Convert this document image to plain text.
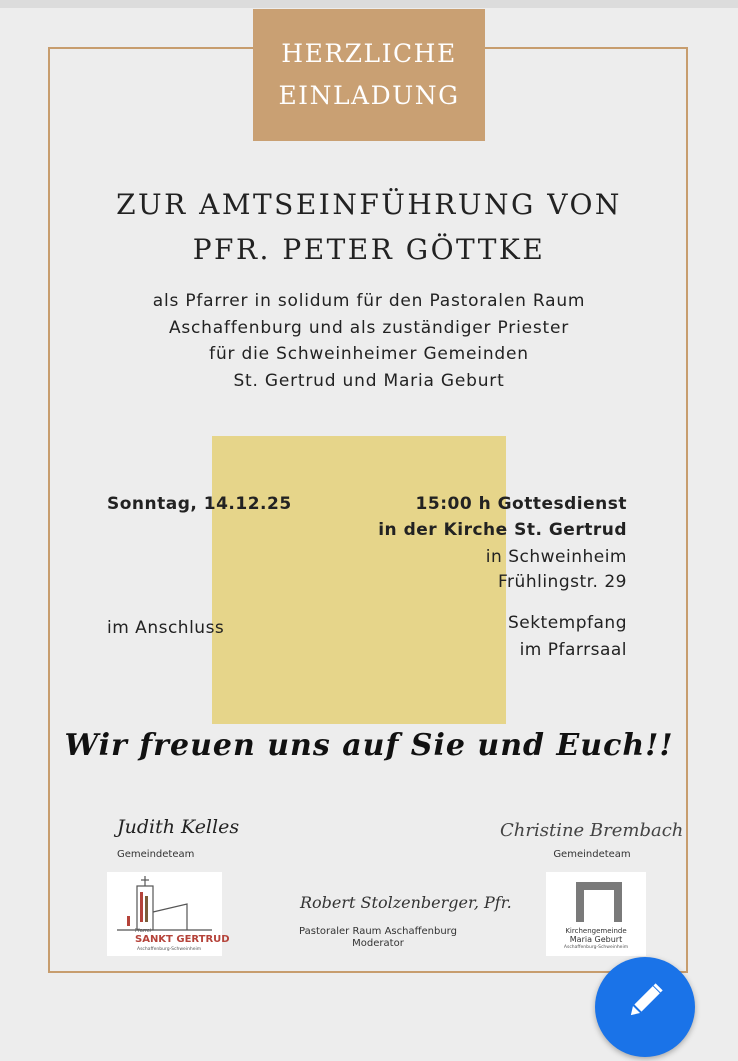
HERZLICHE
EINLADUNG
ZUR AMTSEINFÜHRUNG VON
PFR. PETER GÖTTKE
als Pfarrer in solidum für den Pastoralen Raum
Aschaffenburg und als zuständiger Priester
für die Schweinheimer Gemeinden
St. Gertrud und Maria Geburt
Sonntag, 14.12.25	15:00 h Gottesdienst
in der Kirche St. Gertrud
in Schweinheim
Frühlingstr. 29
im Anschluss	Sektempfang
im Pfarrsaal
Wir freuen uns auf Sie und Euch!!
Judith Kelles
Gemeindeteam
Christine Brembach
Gemeindeteam
Robert Stolzenberger, Pfr.
Pastoraler Raum Aschaffenburg
Moderator
Pfarrei
SANKT GERTRUD
Aschaffenburg-Schweinheim
Kirchengemeinde
Maria Geburt
Aschaffenburg-Schweinheim
